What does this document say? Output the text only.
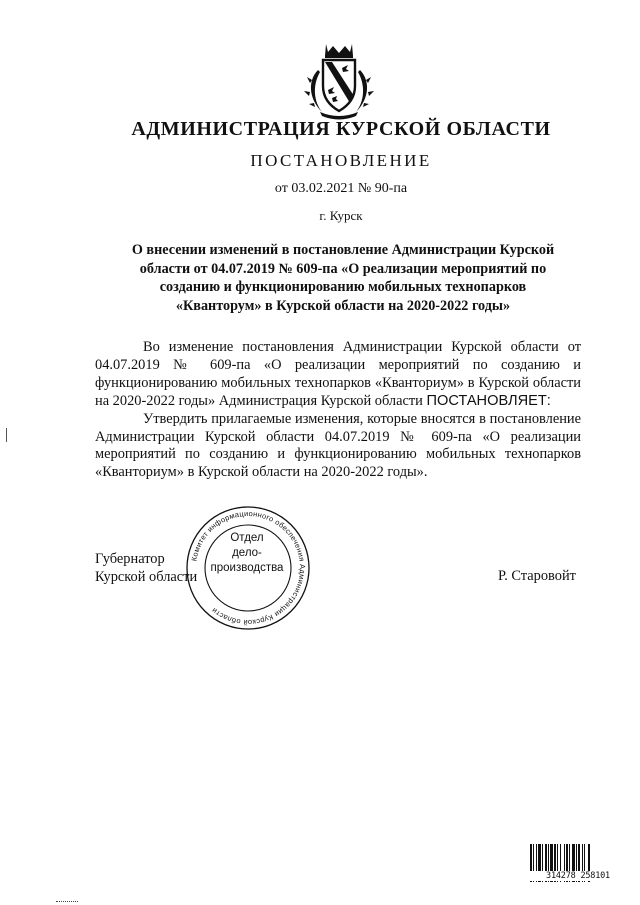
АДМИНИСТРАЦИЯ КУРСКОЙ ОБЛАСТИ
ПОСТАНОВЛЕНИЕ
от 03.02.2021 № 90-па
г. Курск
О внесении изменений в постановление Администрации Курской
области от 04.07.2019 № 609-па «О реализации мероприятий по
созданию и функционированию мобильных технопарков
«Кванторум» в Курской области на 2020-2022 годы»

Во изменение постановления Администрации Курской области от 04.07.2019 № 609-па «О реализации мероприятий по созданию и функционированию мобильных технопарков «Кванториум» в Курской области на 2020-2022 годы» Администрация Курской области ПОСТАНОВЛЯЕТ:

Утвердить прилагаемые изменения, которые вносятся в постановление Администрации Курской области 04.07.2019 № 609-па «О реализации мероприятий по созданию и функционированию мобильных технопарков «Кванториум» в Курской области на 2020-2022 годы».

Губернатор
Курской области
Комитет информационного обеспечения Администрации Курской области
Отдел
дело-
производства	Р. Старовойт
314278 258101
